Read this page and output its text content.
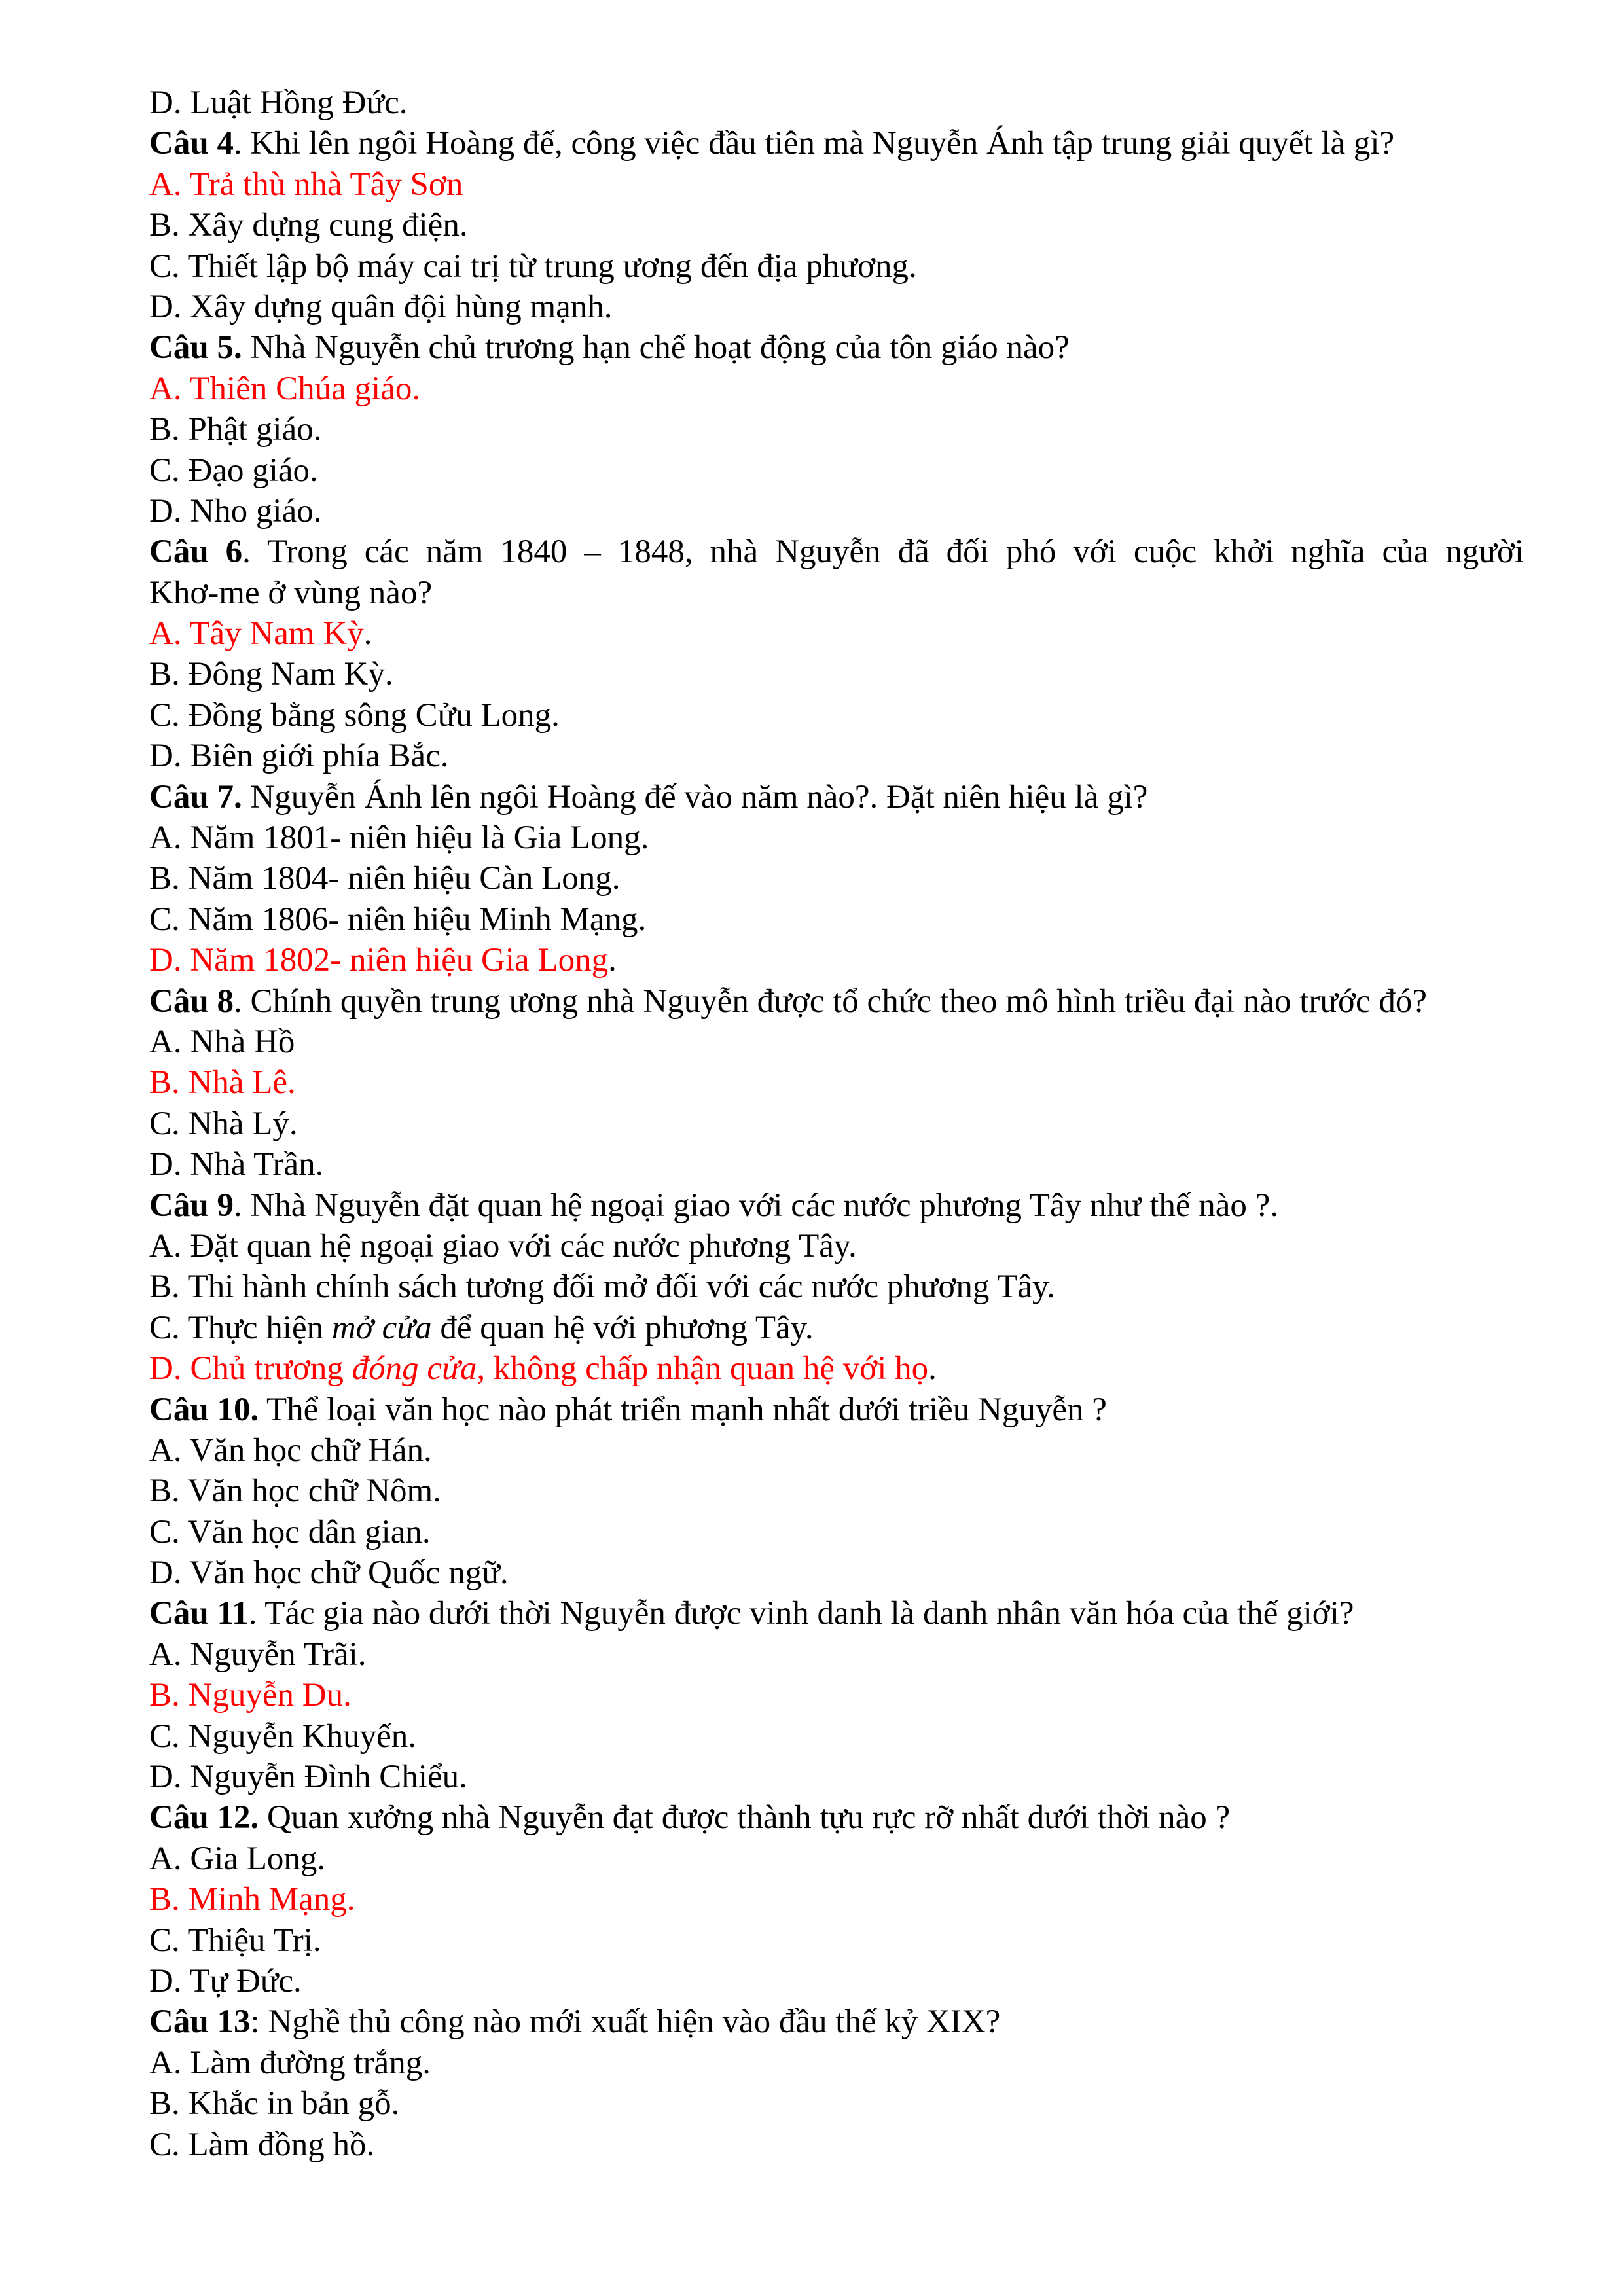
D. Luật Hồng Đức.
Câu 4. Khi lên ngôi Hoàng đế, công việc đầu tiên mà Nguyễn Ánh tập trung giải quyết là gì?
A. Trả thù nhà Tây Sơn
B. Xây dựng cung điện.
C. Thiết lập bộ máy cai trị từ trung ương đến địa phương.
D. Xây dựng quân đội hùng mạnh.
Câu 5. Nhà Nguyễn chủ trương hạn chế hoạt động của tôn giáo nào?
A. Thiên Chúa giáo.
B. Phật giáo.
C. Đạo giáo.
D. Nho giáo.
Câu 6. Trong các năm 1840 – 1848, nhà Nguyễn đã đối phó với cuộc khởi nghĩa của người
Khơ-me ở vùng nào?
A. Tây Nam Kỳ.
B. Đông Nam Kỳ.
C. Đồng bằng sông Cửu Long.
D. Biên giới phía Bắc.
Câu 7. Nguyễn Ánh lên ngôi Hoàng đế vào năm nào?. Đặt niên hiệu là gì?
A. Năm 1801- niên hiệu là Gia Long.
B. Năm 1804- niên hiệu Càn Long.
C. Năm 1806- niên hiệu Minh Mạng.
D. Năm 1802- niên hiệu Gia Long.
Câu 8. Chính quyền trung ương nhà Nguyễn được tổ chức theo mô hình triều đại nào trước đó?
A. Nhà Hồ
B. Nhà Lê.
C. Nhà Lý.
D. Nhà Trần.
Câu 9. Nhà Nguyễn đặt quan hệ ngoại giao với các nước phương Tây như thế nào ?.
A. Đặt quan hệ ngoại giao với các nước phương Tây.
B. Thi hành chính sách tương đối mở đối với các nước phương Tây.
C. Thực hiện mở cửa để quan hệ với phương Tây.
D. Chủ trương đóng cửa, không chấp nhận quan hệ với họ.
Câu 10. Thể loại văn học nào phát triển mạnh nhất dưới triều Nguyễn ?
A. Văn học chữ Hán.
B. Văn học chữ Nôm.
C. Văn học dân gian.
D. Văn học chữ Quốc ngữ.
Câu 11. Tác gia nào dưới thời Nguyễn được vinh danh là danh nhân văn hóa của thế giới?
A. Nguyễn Trãi.
B. Nguyễn Du.
C. Nguyễn Khuyến.
D. Nguyễn Đình Chiểu.
Câu 12. Quan xưởng nhà Nguyễn đạt được thành tựu rực rỡ nhất dưới thời nào ?
A. Gia Long.
B. Minh Mạng.
C. Thiệu Trị.
D. Tự Đức.
Câu 13: Nghề thủ công nào mới xuất hiện vào đầu thế kỷ XIX?
A. Làm đường trắng.
B. Khắc in bản gỗ.
C. Làm đồng hồ.
